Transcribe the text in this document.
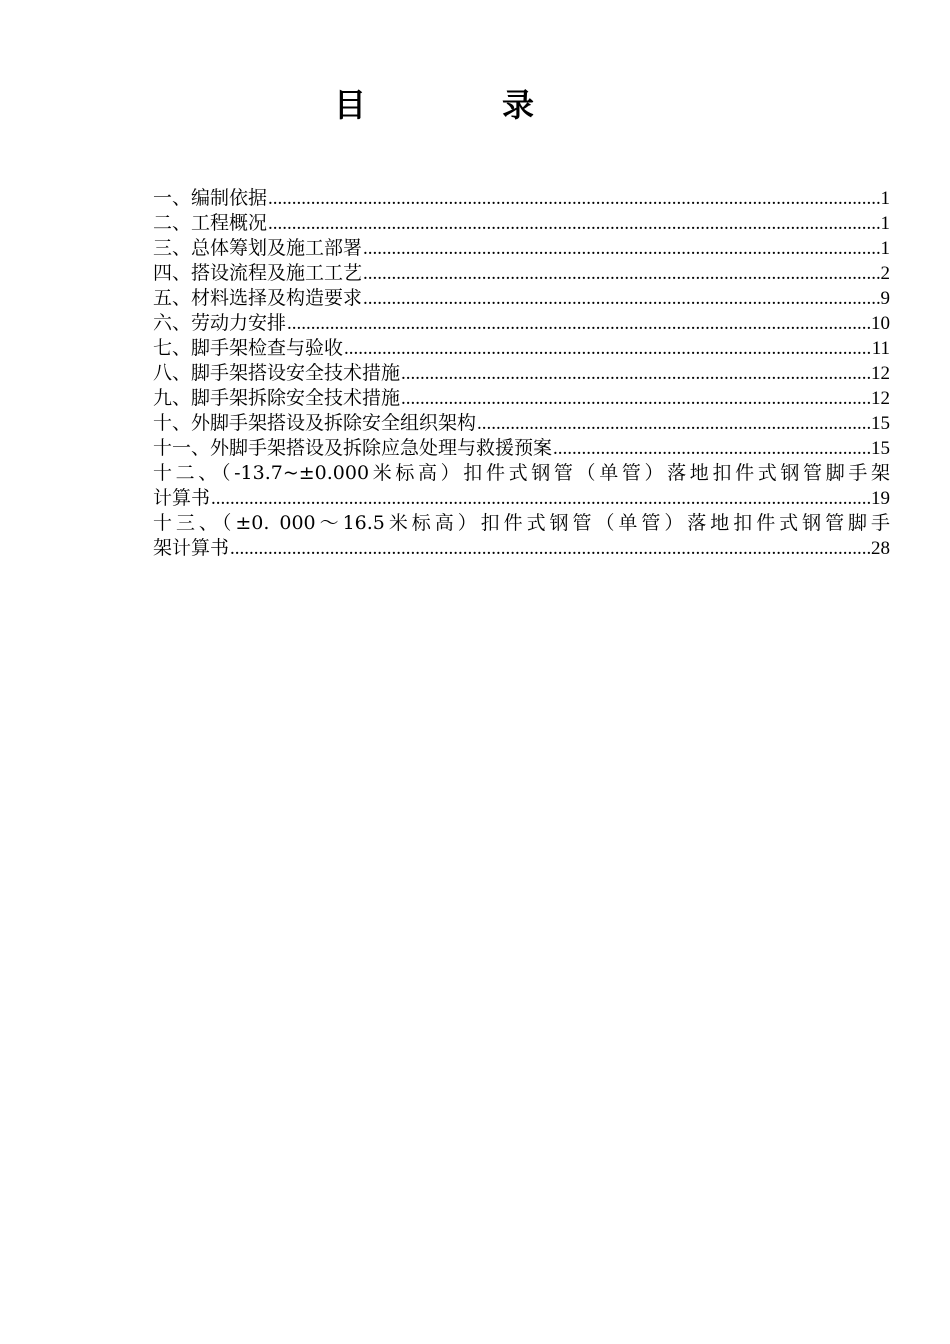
目　录
一、编制依据 .....	1
二、工程概况 .....	1
三、总体筹划及施工部署 .....	1
四、搭设流程及施工工艺 .....	2
五、材料选择及构造要求 .....	9
六、劳动力安排 .....	10
七、脚手架检查与验收 .....	11
八、脚手架搭设安全技术措施 .....	12
九、脚手架拆除安全技术措施 .....	12
十、外脚手架搭设及拆除安全组织架构 .....	15
十一、外脚手架搭设及拆除应急处理与救援预案 .....	15
十二、（-13.7~±0.000米标高）扣件式钢管（单管）落地扣件式钢管脚手架
计算书 .....	19
十三、（±0. 000～16.5米标高）扣件式钢管（单管）落地扣件式钢管脚手
架计算书 .....	28
